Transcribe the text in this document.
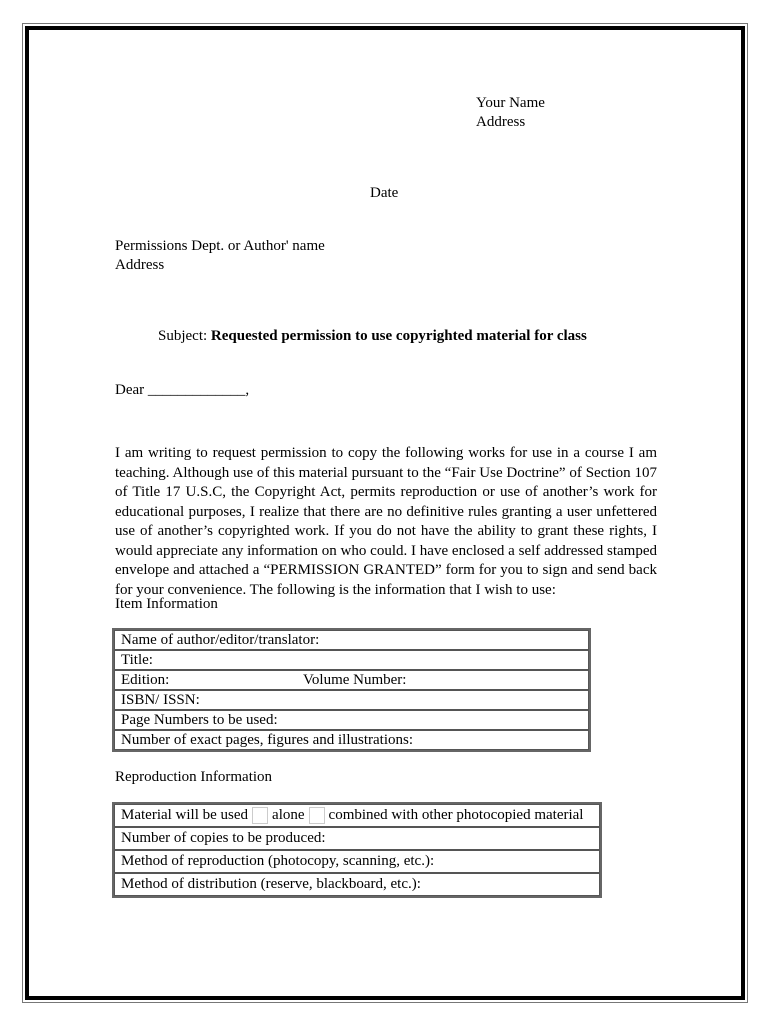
Your Name
Address
Date
Permissions Dept. or Author' name
Address
Subject: Requested permission to use copyrighted material for class
Dear _____________,
I am writing to request permission to copy the following works for use in a course I am teaching. Although use of this material pursuant to the “Fair Use Doctrine” of Section 107 of Title 17 U.S.C, the Copyright Act, permits reproduction or use of another’s work for educational purposes, I realize that there are no definitive rules granting a user unfettered use of another’s copyrighted work. If you do not have the ability to grant these rights, I would appreciate any information on who could. I have enclosed a self addressed stamped envelope and attached a “PERMISSION GRANTED” form for you to sign and send back for your convenience. The following is the information that I wish to use:
Item Information
Name of author/editor/translator:
Title:
Edition:	Volume Number:
ISBN/ ISSN:
Page Numbers to be used:
Number of exact pages, figures and illustrations:
Reproduction Information
Material will be used alone combined with other photocopied material
Number of copies to be produced:
Method of reproduction (photocopy, scanning, etc.):
Method of distribution (reserve, blackboard, etc.):
